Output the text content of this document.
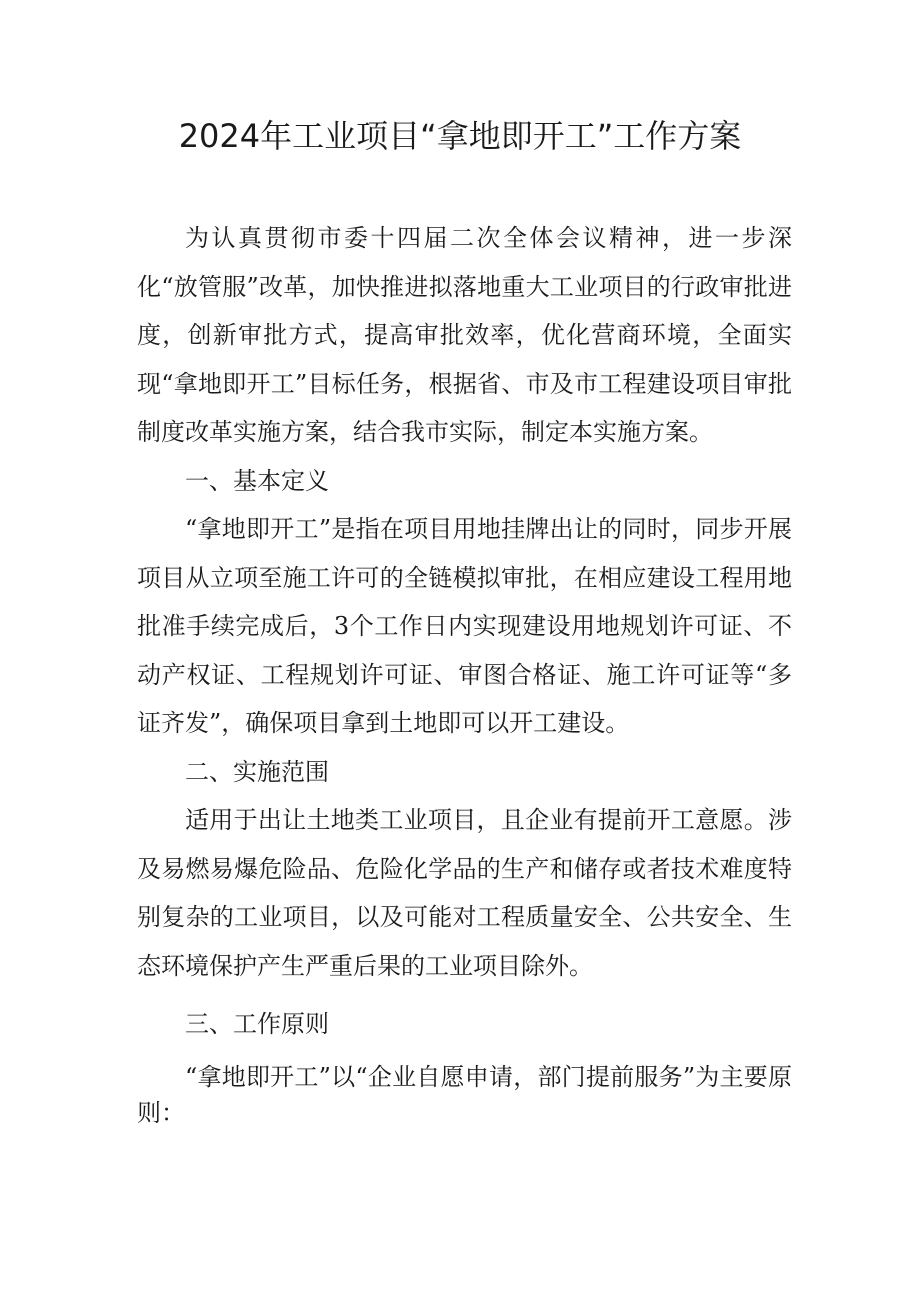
2024年工业项目“拿地即开工”工作方案

为认真贯彻市委十四届二次全体会议精神，进一步深化“放管服”改革，加快推进拟落地重大工业项目的行政审批进度，创新审批方式，提高审批效率，优化营商环境，全面实现“拿地即开工”目标任务，根据省、市及市工程建设项目审批制度改革实施方案，结合我市实际，制定本实施方案。

一、基本定义

“拿地即开工”是指在项目用地挂牌出让的同时，同步开展项目从立项至施工许可的全链模拟审批，在相应建设工程用地批准手续完成后，3个工作日内实现建设用地规划许可证、不动产权证、工程规划许可证、审图合格证、施工许可证等“多证齐发”，确保项目拿到土地即可以开工建设。

二、实施范围

适用于出让土地类工业项目，且企业有提前开工意愿。涉及易燃易爆危险品、危险化学品的生产和储存或者技术难度特别复杂的工业项目，以及可能对工程质量安全、公共安全、生态环境保护产生严重后果的工业项目除外。

三、工作原则

“拿地即开工”以“企业自愿申请，部门提前服务”为主要原则：
